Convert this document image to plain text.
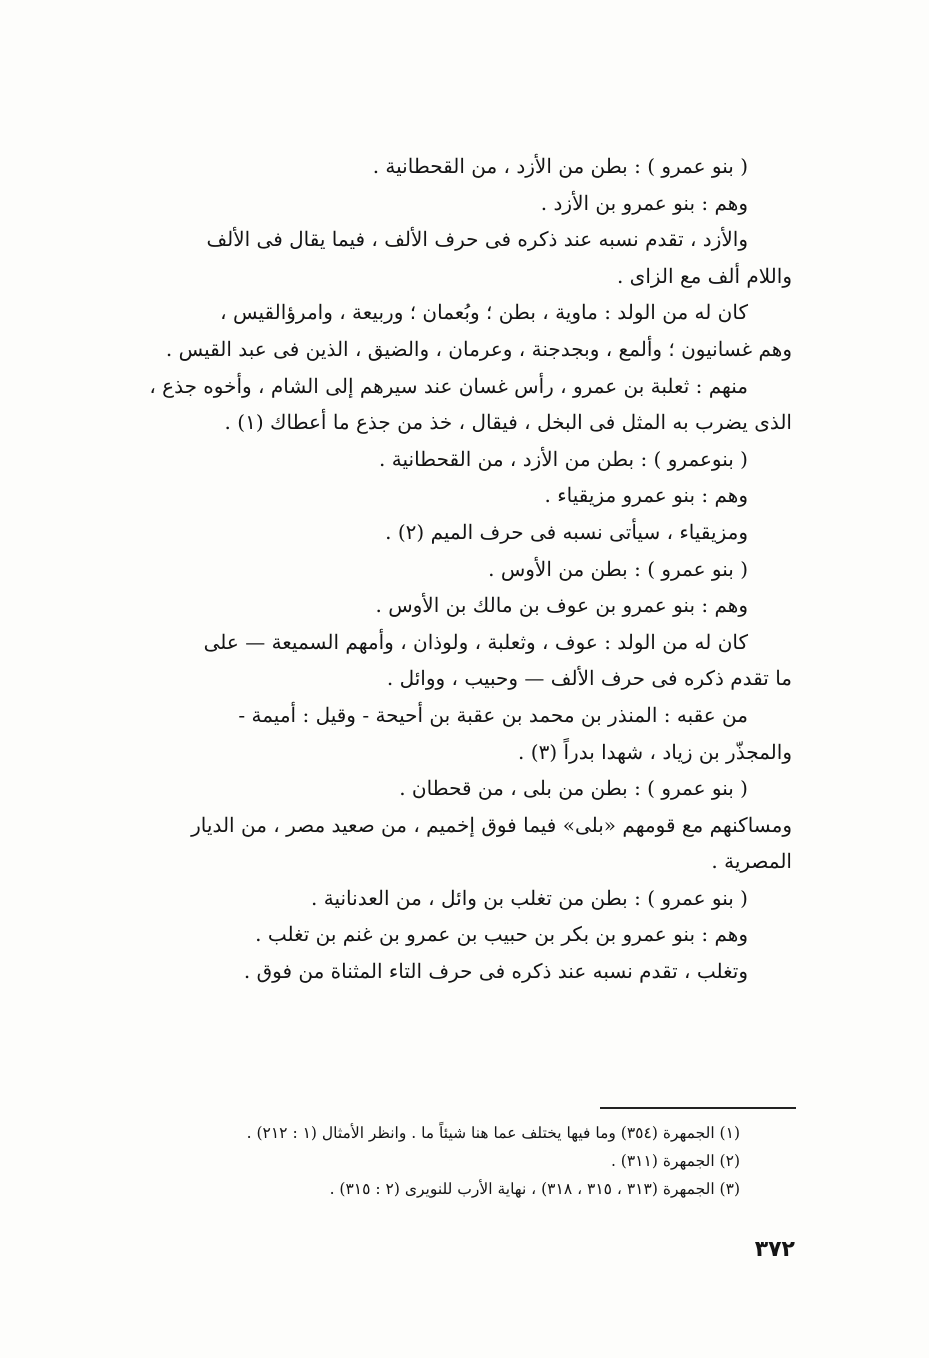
( بنو عمرو ) : بطن من الأزد ، من القحطانية .
وهم : بنو عمرو بن الأزد .
والأزد ، تقدم نسبه عند ذكره فى حرف الألف ، فيما يقال فى الألف
واللام ألف مع الزاى .
كان له من الولد : ماوية ، بطن ؛ وبُعمان ؛ وربيعة ، وامرؤالقيس ،
وهم غسانيون ؛ وألمع ، وبجدجنة ، وعرمان ، والضيق ، الذين فى عبد القيس .
منهم : ثعلبة بن عمرو ، رأس غسان عند سيرهم إلى الشام ، وأخوه جذع ،
الذى يضرب به المثل فى البخل ، فيقال ، خذ من جذع ما أعطاك (١) .
( بنوعمرو ) : بطن من الأزد ، من القحطانية .
وهم : بنو عمرو مزيقياء .
ومزيقياء ، سيأتى نسبه فى حرف الميم (٢) .
( بنو عمرو ) : بطن من الأوس .
وهم : بنو عمرو بن عوف بن مالك بن الأوس .
كان له من الولد : عوف ، وثعلبة ، ولوذان ، وأمهم السميعة — على
ما تقدم ذكره فى حرف الألف — وحبيب ، ووائل .
من عقبه : المنذر بن محمد بن عقبة بن أحيحة - وقيل : أميمة -
والمجذّر بن زياد ، شهدا بدراً (٣) .
( بنو عمرو ) : بطن من بلى ، من قحطان .
ومساكنهم مع قومهم «بلى» فيما فوق إخميم ، من صعيد مصر ، من الديار
المصرية .
( بنو عمرو ) : بطن من تغلب بن وائل ، من العدنانية .
وهم : بنو عمرو بن بكر بن حبيب بن عمرو بن غنم بن تغلب .
وتغلب ، تقدم نسبه عند ذكره فى حرف التاء المثناة من فوق .
(١) الجمهرة (٣٥٤) وما فيها يختلف عما هنا شيئاً ما . وانظر الأمثال (١ : ٢١٢) .
(٢) الجمهرة (٣١١) .
(٣) الجمهرة (٣١٣ ، ٣١٥ ، ٣١٨) ، نهاية الأرب للنويرى (٢ : ٣١٥) .
٣٧٢
